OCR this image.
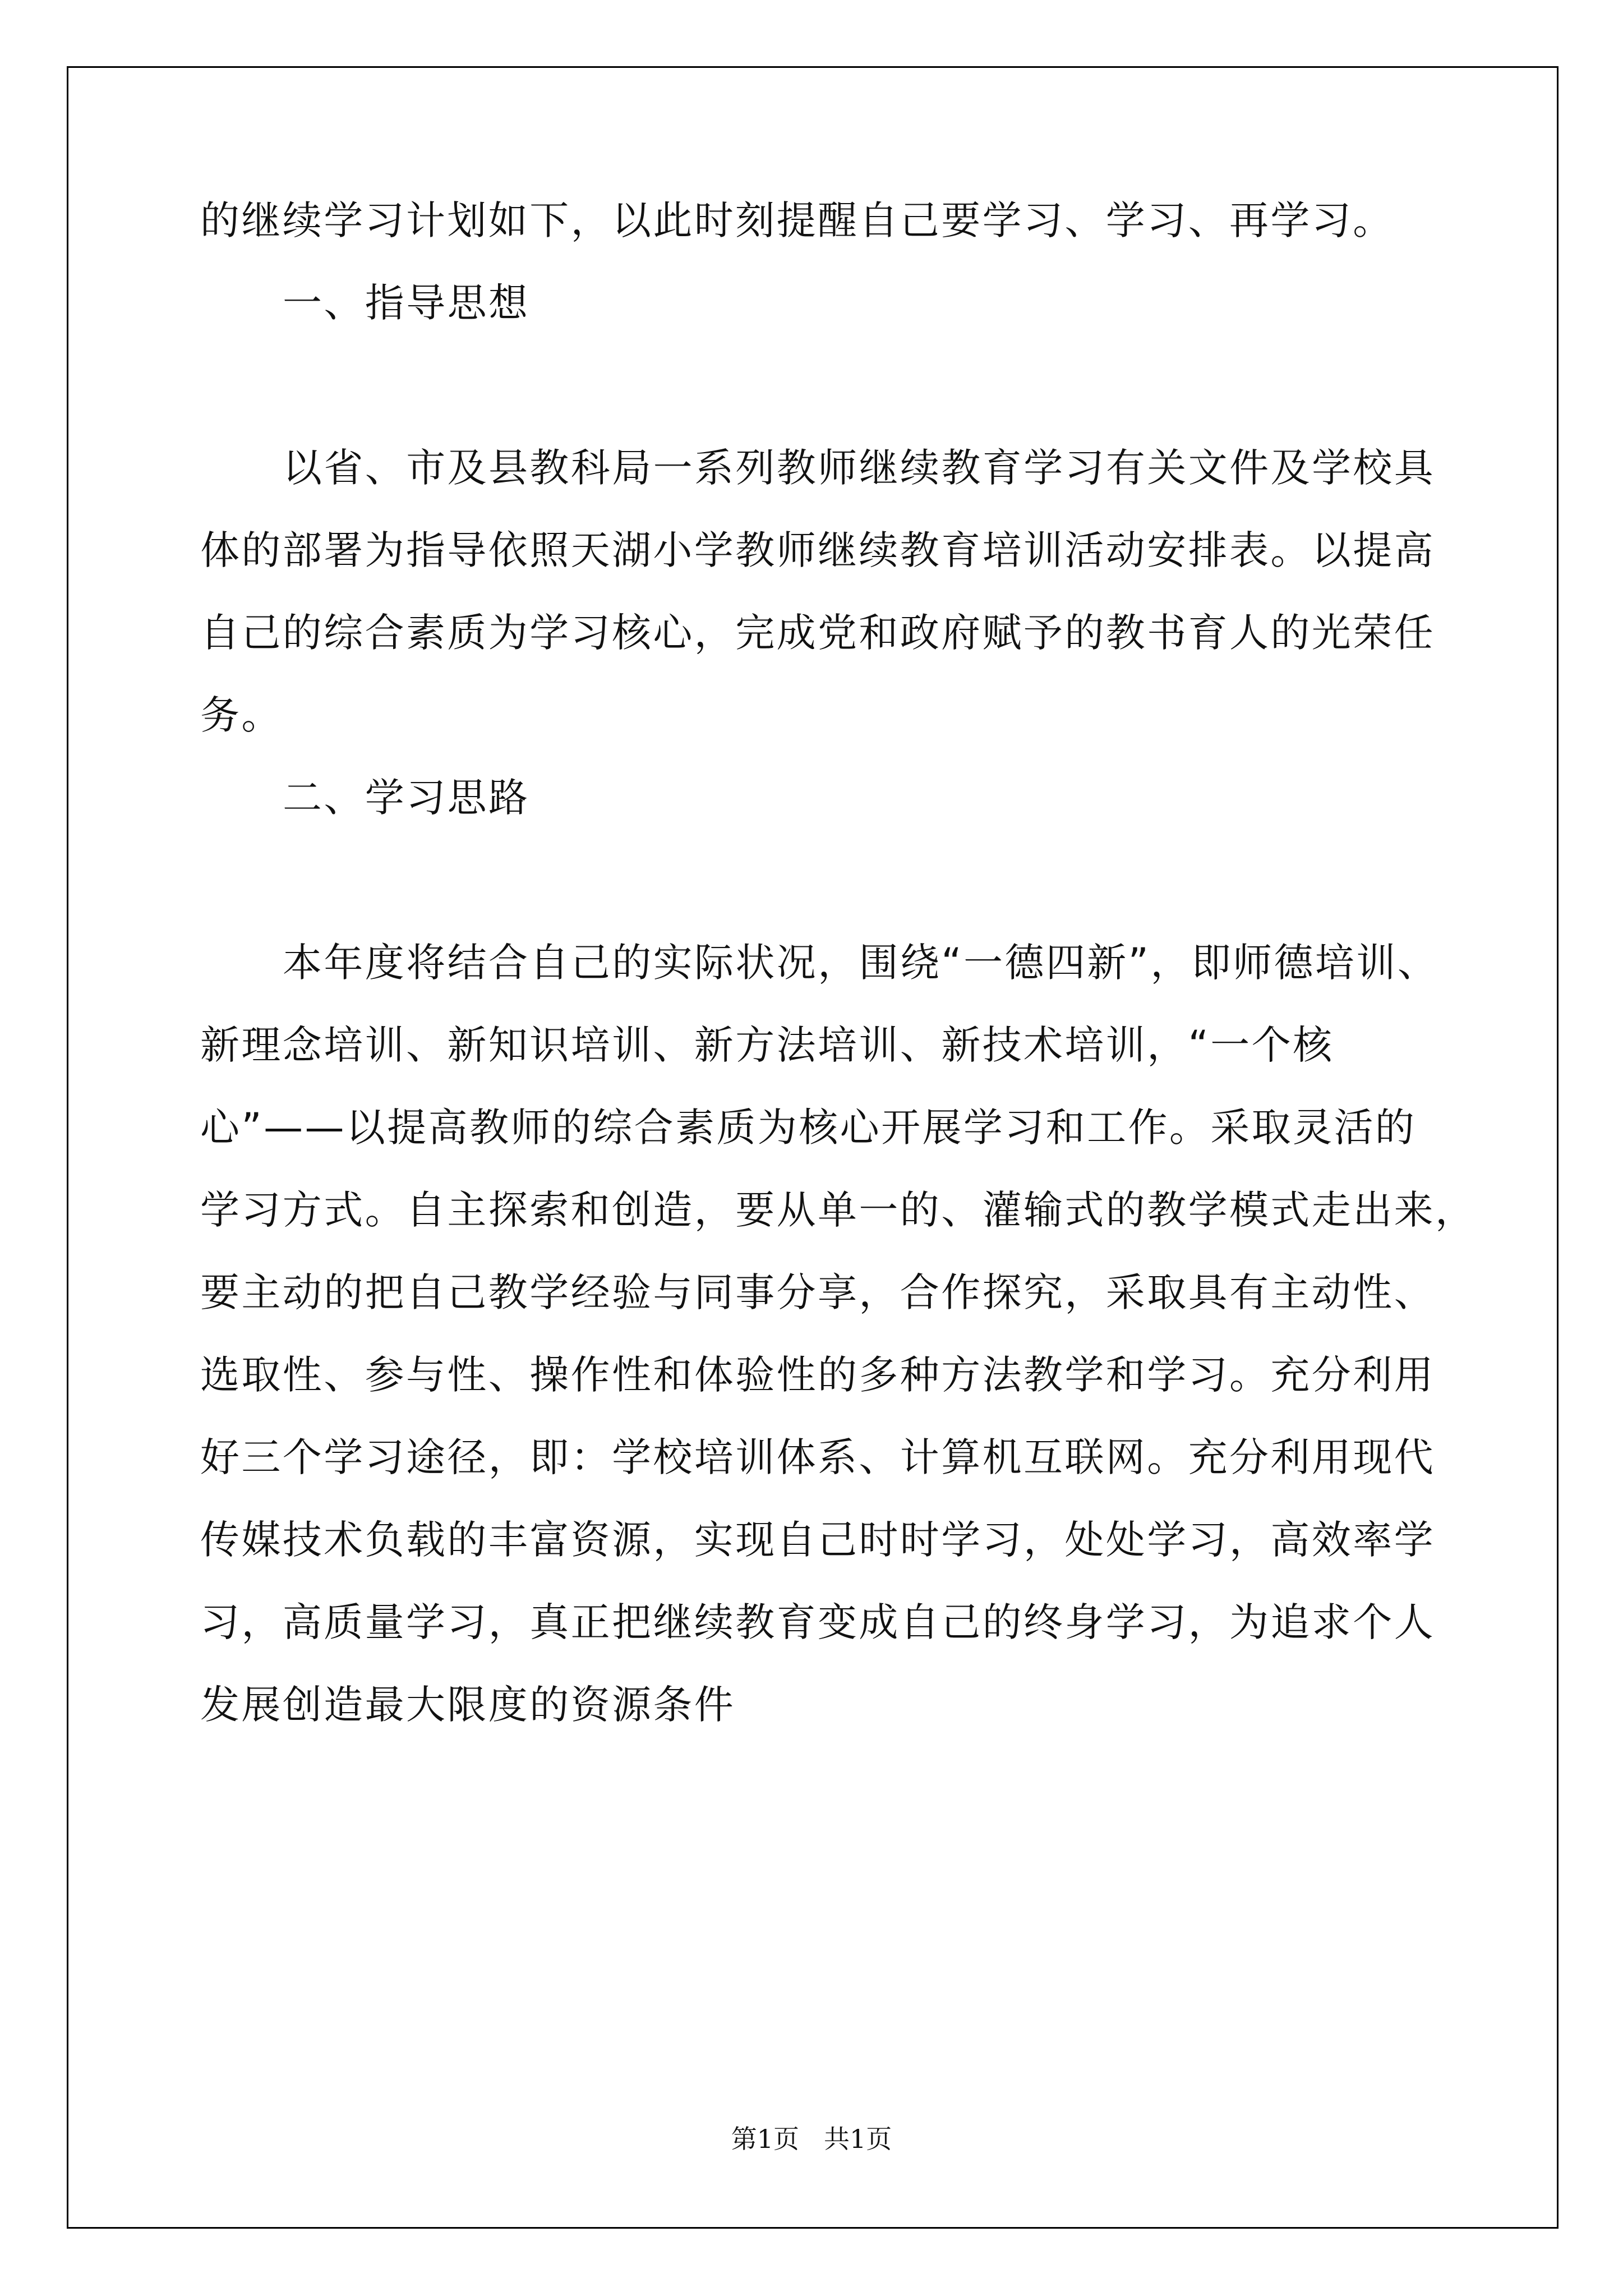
的继续学习计划如下，以此时刻提醒自己要学习、学习、再学习。
一、指导思想
以省、市及县教科局一系列教师继续教育学习有关文件及学校具
体的部署为指导依照天湖小学教师继续教育培训活动安排表。以提高
自己的综合素质为学习核心，完成党和政府赋予的教书育人的光荣任
务。
二、学习思路
本年度将结合自己的实际状况，围绕“一德四新”，即师德培训、
新理念培训、新知识培训、新方法培训、新技术培训，“一个核
心”——以提高教师的综合素质为核心开展学习和工作。采取灵活的
学习方式。自主探索和创造，要从单一的、灌输式的教学模式走出来，
要主动的把自己教学经验与同事分享，合作探究，采取具有主动性、
选取性、参与性、操作性和体验性的多种方法教学和学习。充分利用
好三个学习途径，即：学校培训体系、计算机互联网。充分利用现代
传媒技术负载的丰富资源，实现自己时时学习，处处学习，高效率学
习，高质量学习，真正把继续教育变成自己的终身学习，为追求个人
发展创造最大限度的资源条件
第1页 共1页
